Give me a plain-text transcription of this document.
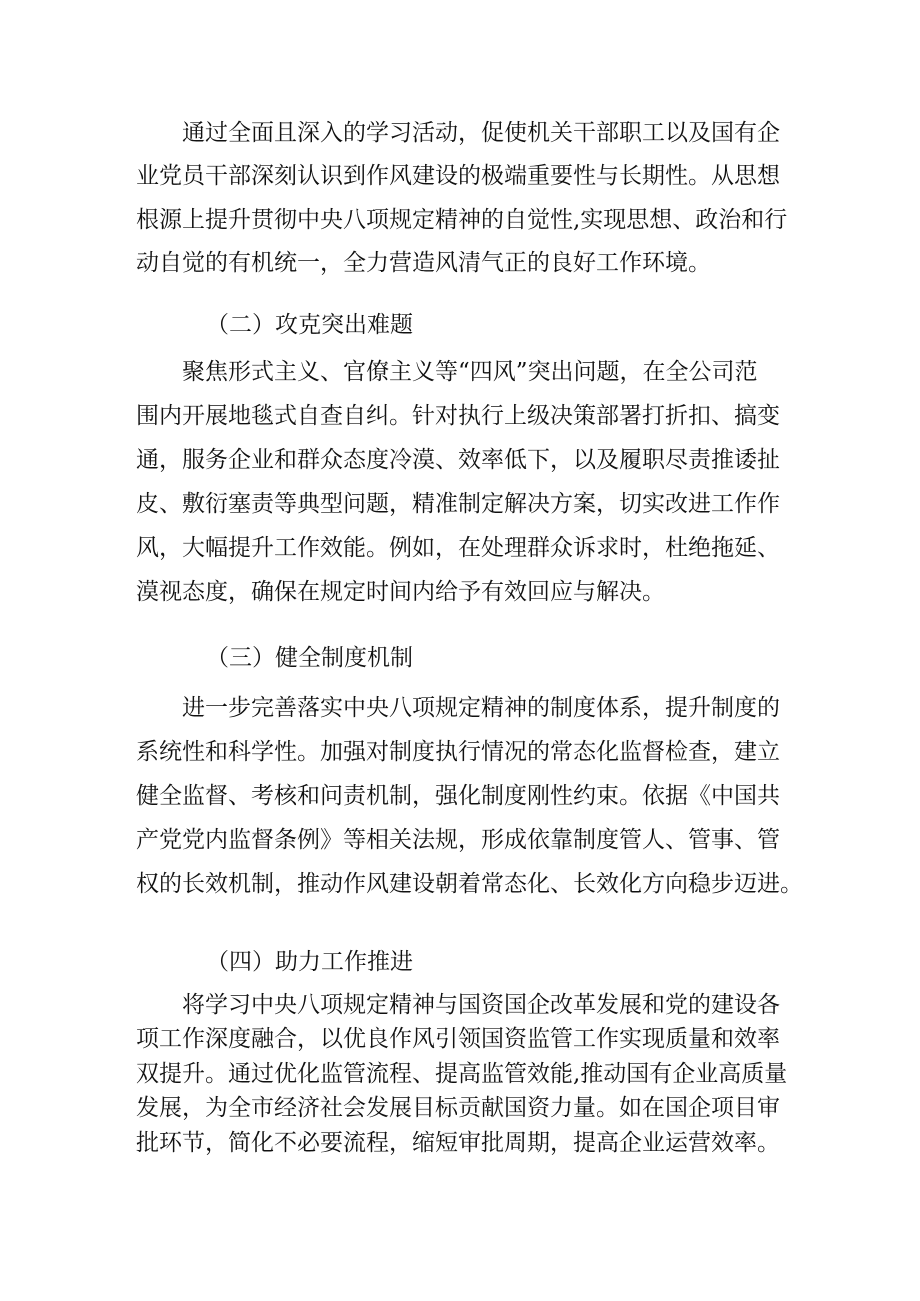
通过全面且深入的学习活动，促使机关干部职工以及国有企
业党员干部深刻认识到作风建设的极端重要性与长期性。从思想
根源上提升贯彻中央八项规定精神的自觉性,实现思想、政治和行
动自觉的有机统一，全力营造风清气正的良好工作环境。
（二）攻克突出难题
聚焦形式主义、官僚主义等“四风”突出问题，在全公司范
围内开展地毯式自查自纠。针对执行上级决策部署打折扣、搞变
通，服务企业和群众态度冷漠、效率低下，以及履职尽责推诿扯
皮、敷衍塞责等典型问题，精准制定解决方案，切实改进工作作
风，大幅提升工作效能。例如，在处理群众诉求时，杜绝拖延、
漠视态度，确保在规定时间内给予有效回应与解决。
（三）健全制度机制
进一步完善落实中央八项规定精神的制度体系，提升制度的
系统性和科学性。加强对制度执行情况的常态化监督检查，建立
健全监督、考核和问责机制，强化制度刚性约束。依据《中国共
产党党内监督条例》等相关法规，形成依靠制度管人、管事、管
权的长效机制，推动作风建设朝着常态化、长效化方向稳步迈进。
（四）助力工作推进
将学习中央八项规定精神与国资国企改革发展和党的建设各
项工作深度融合，以优良作风引领国资监管工作实现质量和效率
双提升。通过优化监管流程、提高监管效能,推动国有企业高质量
发展，为全市经济社会发展目标贡献国资力量。如在国企项目审
批环节，简化不必要流程，缩短审批周期，提高企业运营效率。
